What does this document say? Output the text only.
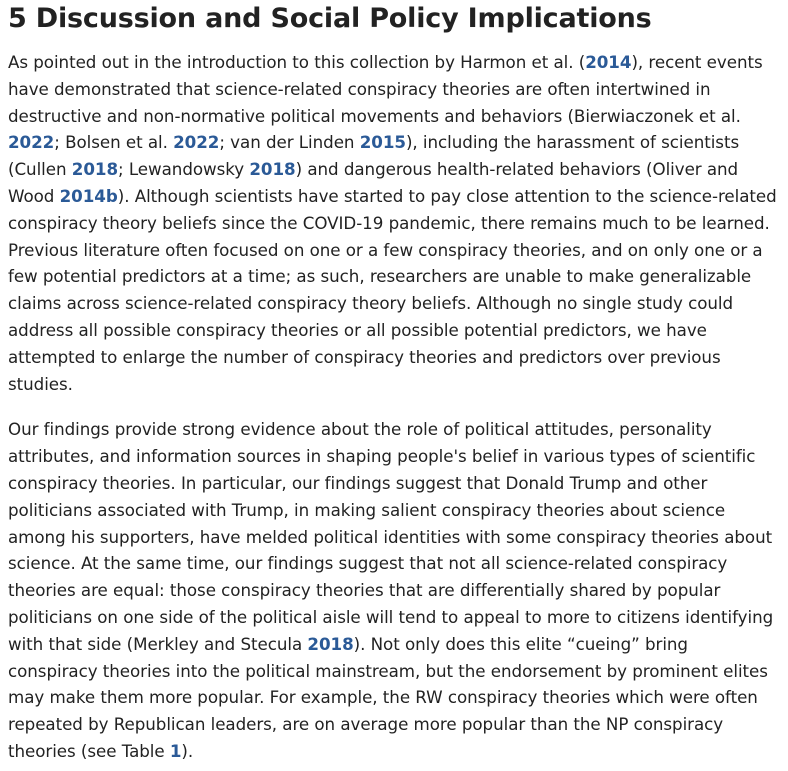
5 Discussion and Social Policy Implications

As pointed out in the introduction to this collection by Harmon et al. (2014), recent events have demonstrated that science-related conspiracy theories are often intertwined in destructive and non-normative political movements and behaviors (Bierwiaczonek et al. 2022; Bolsen et al. 2022; van der Linden 2015), including the harassment of scientists (Cullen 2018; Lewandowsky 2018) and dangerous health-related behaviors (Oliver and Wood 2014b). Although scientists have started to pay close attention to the science-related conspiracy theory beliefs since the COVID-19 pandemic, there remains much to be learned. Previous literature often focused on one or a few conspiracy theories, and on only one or a few potential predictors at a time; as such, researchers are unable to make generalizable claims across science-related conspiracy theory beliefs. Although no single study could address all possible conspiracy theories or all possible potential predictors, we have attempted to enlarge the number of conspiracy theories and predictors over previous studies.

Our findings provide strong evidence about the role of political attitudes, personality attributes, and information sources in shaping people's belief in various types of scientific conspiracy theories. In particular, our findings suggest that Donald Trump and other politicians associated with Trump, in making salient conspiracy theories about science among his supporters, have melded political identities with some conspiracy theories about science. At the same time, our findings suggest that not all science-related conspiracy theories are equal: those conspiracy theories that are differentially shared by popular politicians on one side of the political aisle will tend to appeal to more to citizens identifying with that side (Merkley and Stecula 2018). Not only does this elite “cueing” bring conspiracy theories into the political mainstream, but the endorsement by prominent elites may make them more popular. For example, the RW conspiracy theories which were often repeated by Republican leaders, are on average more popular than the NP conspiracy theories (see Table 1).
